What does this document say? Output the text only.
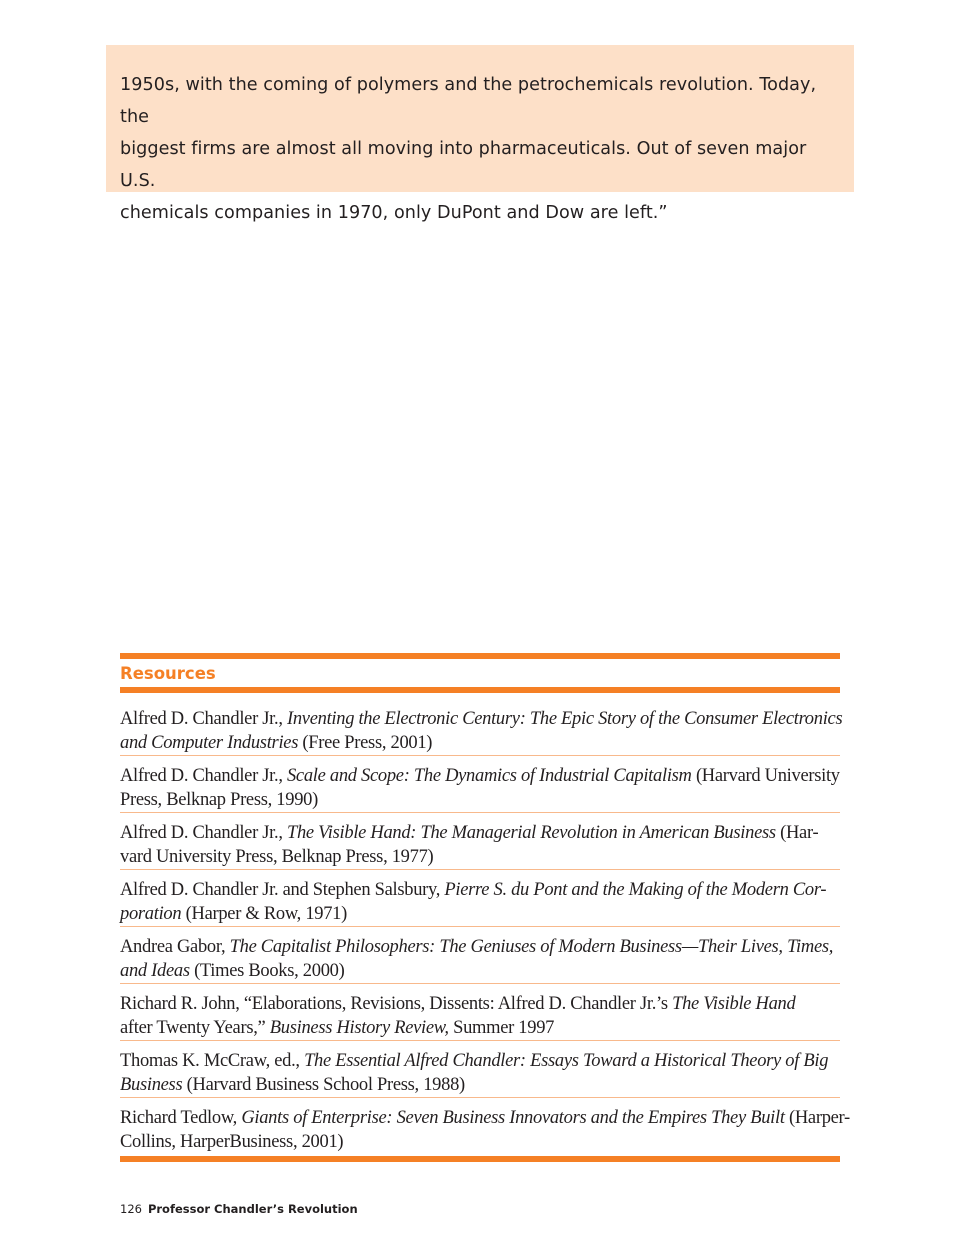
1950s, with the coming of polymers and the petrochemicals revolution. Today, the
biggest firms are almost all moving into pharmaceuticals. Out of seven major U.S.
chemicals companies in 1970, only DuPont and Dow are left.”

Resources
Alfred D. Chandler Jr., Inventing the Electronic Century: The Epic Story of the Consumer Electronics
and Computer Industries (Free Press, 2001)
Alfred D. Chandler Jr., Scale and Scope: The Dynamics of Industrial Capitalism (Harvard University
Press, Belknap Press, 1990)
Alfred D. Chandler Jr., The Visible Hand: The Managerial Revolution in American Business (Har-
vard University Press, Belknap Press, 1977)
Alfred D. Chandler Jr. and Stephen Salsbury, Pierre S. du Pont and the Making of the Modern Cor-
poration (Harper & Row, 1971)
Andrea Gabor, The Capitalist Philosophers: The Geniuses of Modern Business—Their Lives, Times,
and Ideas (Times Books, 2000)
Richard R. John, “Elaborations, Revisions, Dissents: Alfred D. Chandler Jr.’s The Visible Hand
after Twenty Years,” Business History Review, Summer 1997
Thomas K. McCraw, ed., The Essential Alfred Chandler: Essays Toward a Historical Theory of Big
Business (Harvard Business School Press, 1988)
Richard Tedlow, Giants of Enterprise: Seven Business Innovators and the Empires They Built (Harper-
Collins, HarperBusiness, 2001)
126 Professor Chandler’s Revolution
